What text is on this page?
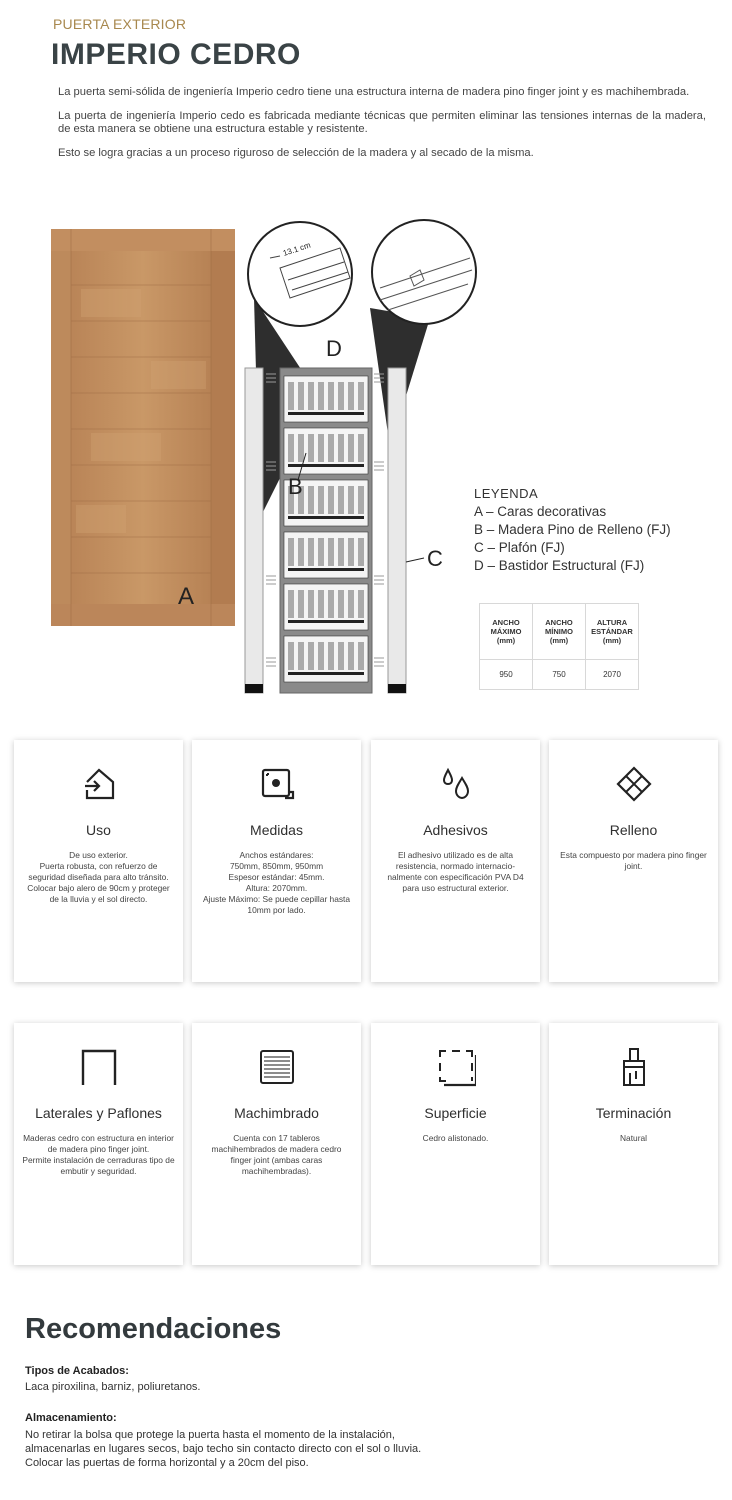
PUERTA EXTERIOR
IMPERIO CEDRO

La puerta semi-sólida de ingeniería Imperio cedro tiene una estructura interna de madera pino finger joint y es machihembrada.

La puerta de ingeniería Imperio cedo es fabricada mediante técnicas que permiten eliminar las tensiones internas de la madera, de esta manera se obtiene una estructura estable y resistente.

Esto se logra gracias a un proceso riguroso de selección de la madera y al secado de la misma.

A
13.1 cm
D
B
C
LEYENDA
A – Caras decorativas
B – Madera Pino de Relleno (FJ)
C – Plafón (FJ)
D – Bastidor Estructural (FJ)
ANCHO
MÁXIMO
(mm)	ANCHO
MÍNIMO
(mm)	ALTURA
ESTÁNDAR
(mm)
950	750	2070
Uso
De uso exterior.
Puerta robusta, con refuerzo de seguridad diseñada para alto tránsito.
Colocar bajo alero de 90cm y proteger de la lluvia y el sol directo.
Medidas
Anchos estándares:
750mm, 850mm, 950mm
Espesor estándar: 45mm.
Altura: 2070mm.
Ajuste Máximo: Se puede cepillar hasta 10mm por lado.
Adhesivos
El adhesivo utilizado es de alta resistencia, normado internacio-nalmente con especificación PVA D4 para uso estructural exterior.
Relleno
Esta compuesto por madera pino finger joint.
Laterales y Paflones
Maderas cedro con estructura en interior de madera pino finger joint.
Permite instalación de cerraduras tipo de embutir y seguridad.
Machimbrado
Cuenta con 17 tableros machihembrados de madera cedro finger joint (ambas caras machihembradas).
Superficie
Cedro alistonado.
Terminación
Natural
Recomendaciones
Tipos de Acabados:
Laca piroxilina, barniz, poliuretanos.
Almacenamiento:
No retirar la bolsa que protege la puerta hasta el momento de la instalación, almacenarlas en lugares secos, bajo techo sin contacto directo con el sol o lluvia. Colocar las puertas de forma horizontal y a 20cm del piso.
